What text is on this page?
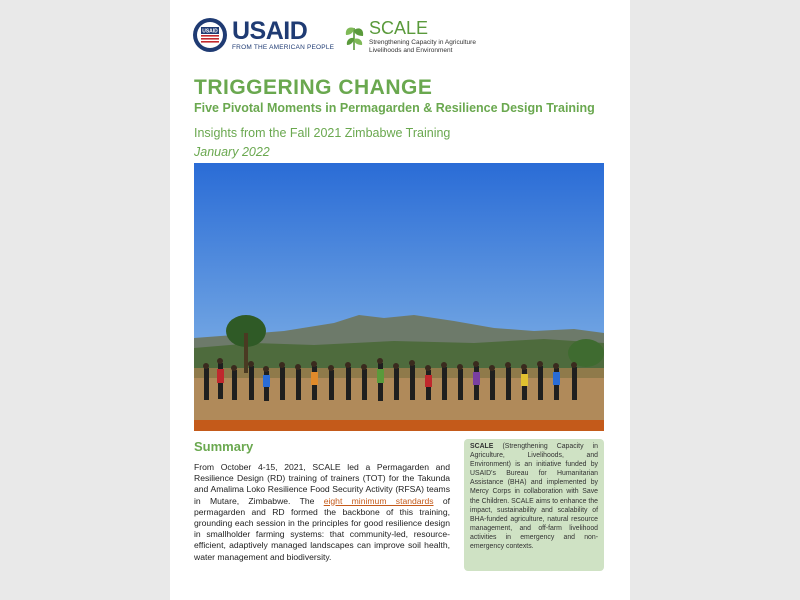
USAID USAID
FROM THE AMERICAN PEOPLE
SCALE
Strengthening Capacity in Agriculture
Livelihoods and Environment
TRIGGERING CHANGE
Five Pivotal Moments in Permagarden & Resilience Design Training
Insights from the Fall 2021 Zimbabwe Training
January 2022
Summary
From October 4-15, 2021, SCALE led a Permagarden and Resilience Design (RD) training of trainers (TOT) for the Takunda and Amalima Loko Resilience Food Security Activity (RFSA) teams in Mutare, Zimbabwe. The eight minimum standards of permagarden and RD formed the backbone of this training, grounding each session in the principles for good resilience design in smallholder farming systems: that community-led, resource-efficient, adaptively managed landscapes can improve soil health, water management and biodiversity.
SCALE (Strengthening Capacity in Agriculture, Livelihoods, and Environment) is an initiative funded by USAID’s Bureau for Humanitarian Assistance (BHA) and implemented by Mercy Corps in collaboration with Save the Children. SCALE aims to enhance the impact, sustainability and scalability of BHA-funded agriculture, natural resource management, and off-farm livelihood activities in emergency and non-emergency contexts.
